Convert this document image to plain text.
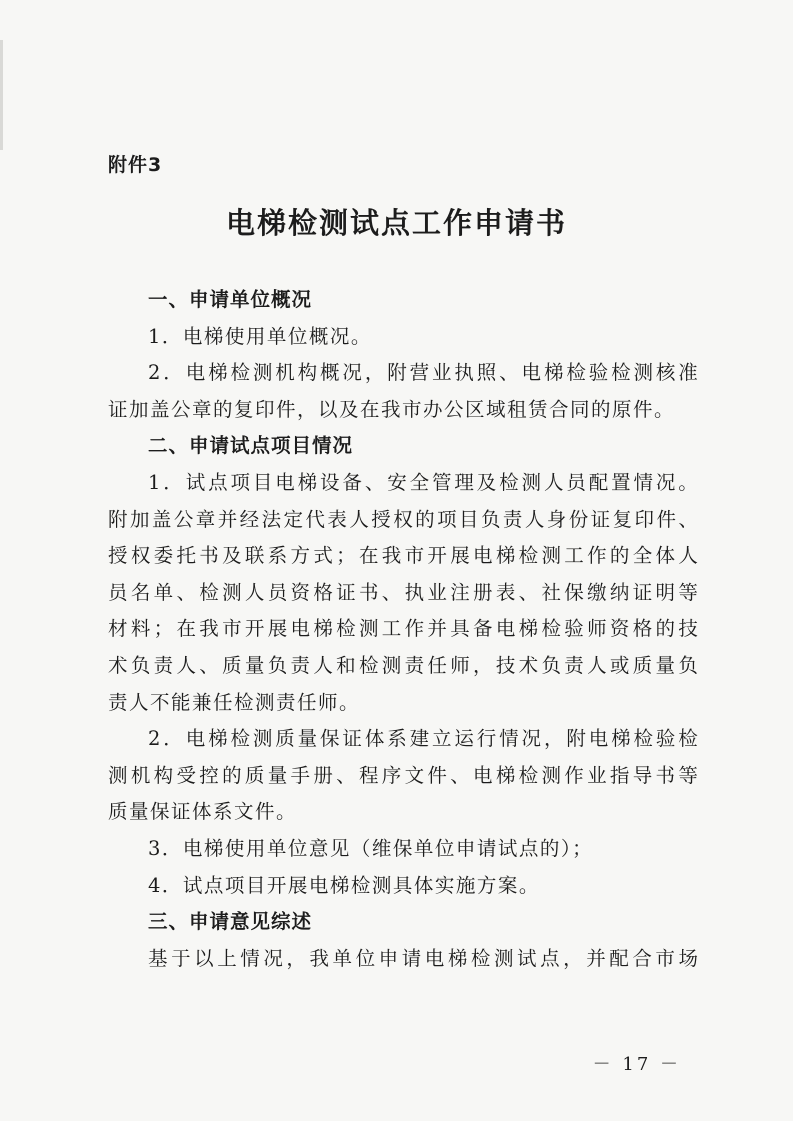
附件3
电梯检测试点工作申请书
一、申请单位概况
1．电梯使用单位概况。
2 ． 电 梯 检 测 机 构 概 况 ， 附 营 业 执 照 、 电 梯 检 验 检 测 核 准
证加盖公章的复印件，以及在我市办公区域租赁合同的原件。
二、申请试点项目情况
1 ． 试 点 项 目 电 梯 设 备 、 安 全 管 理 及 检 测 人 员 配 置 情 况 。
附 加 盖 公 章 并 经 法 定 代 表 人 授 权 的 项 目 负 责 人 身 份 证 复 印 件 、
授 权 委 托 书 及 联 系 方 式 ； 在 我 市 开 展 电 梯 检 测 工 作 的 全 体 人
员 名 单 、 检 测 人 员 资 格 证 书 、 执 业 注 册 表 、 社 保 缴 纳 证 明 等
材 料 ； 在 我 市 开 展 电 梯 检 测 工 作 并 具 备 电 梯 检 验 师 资 格 的 技
术 负 责 人 、 质 量 负 责 人 和 检 测 责 任 师 ， 技 术 负 责 人 或 质 量 负
责人不能兼任检测责任师。
2 ． 电 梯 检 测 质 量 保 证 体 系 建 立 运 行 情 况 ， 附 电 梯 检 验 检
测 机 构 受 控 的 质 量 手 册 、 程 序 文 件 、 电 梯 检 测 作 业 指 导 书 等
质量保证体系文件。
3．电梯使用单位意见（维保单位申请试点的）；
4．试点项目开展电梯检测具体实施方案。
三、申请意见综述
基 于 以 上 情 况 ， 我 单 位 申 请 电 梯 检 测 试 点 ， 并 配 合 市 场
－ 17 －
